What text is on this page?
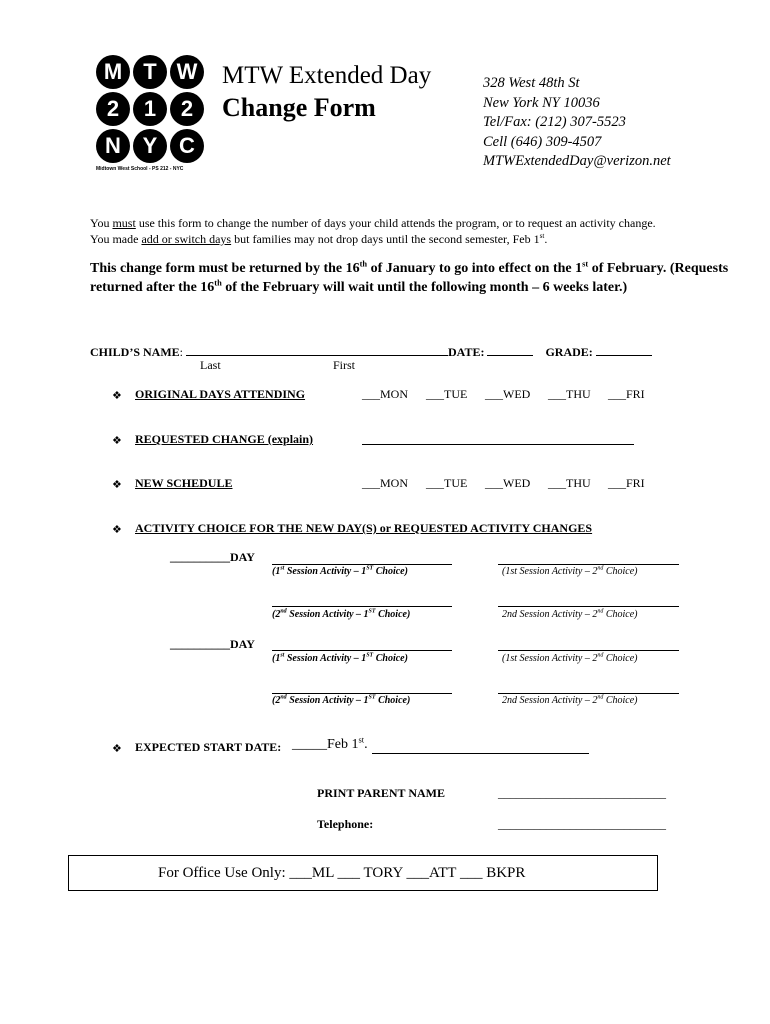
M T W
2	1	2
N Y C
Midtown West School - PS 212 - NYC
MTW Extended Day
Change Form
328 West 48th St
New York NY 10036
Tel/Fax: (212) 307-5523
Cell (646) 309-4507
MTWExtendedDay@verizon.net
You must use this form to change the number of days your child attends the program, or to request an activity change.
You made add or switch days but families may not drop days until the second semester, Feb 1st.
This change form must be returned by the 16th of January to go into effect on the 1st of February. (Requests returned after the 16th of the February will wait until the following month – 6 weeks later.)
CHILD’S NAME:	DATE:	GRADE:
Last	First
❖ ORIGINAL DAYS ATTENDING	___MON ___TUE ___WED ___THU ___FRI
❖ REQUESTED CHANGE (explain)
❖ NEW SCHEDULE	___MON ___TUE ___WED ___THU ___FRI
❖ ACTIVITY CHOICE FOR THE NEW DAY(S) or REQUESTED ACTIVITY CHANGES
__________DAY
(1st Session Activity – 1ST Choice)	(1st Session Activity – 2nd Choice)
(2nd Session Activity – 1ST Choice)	2nd Session Activity – 2nd Choice)
__________DAY
(1st Session Activity – 1ST Choice)	(1st Session Activity – 2nd Choice)
(2nd Session Activity – 1ST Choice)	2nd Session Activity – 2nd Choice)
❖ EXPECTED START DATE: _____Feb 1st.
PRINT PARENT NAME	____________________________
Telephone:	____________________________
For Office Use Only: ___ML ___ TORY ___ATT ___ BKPR
